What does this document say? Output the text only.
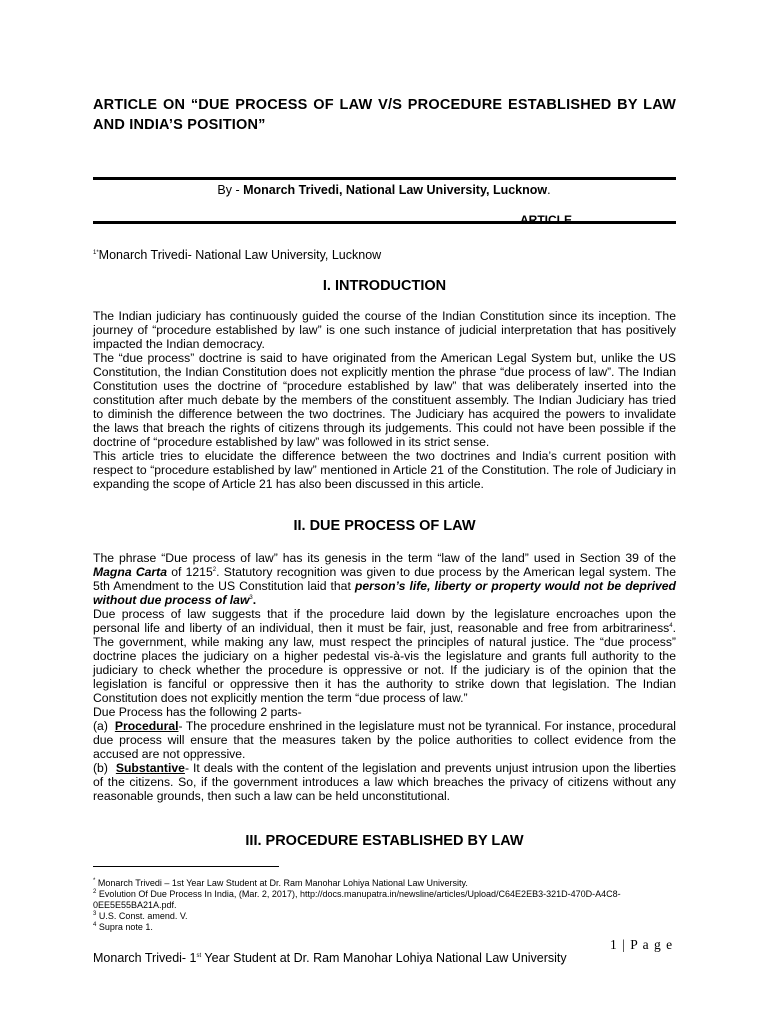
ARTICLE ON “DUE PROCESS OF LAW V/S PROCEDURE ESTABLISHED BY LAW AND INDIA’S POSITION”
By - Monarch Trivedi, National Law University, Lucknow.
ARTICLE
$^{1*}$Monarch Trivedi- National Law University, Lucknow
I. INTRODUCTION

The Indian judiciary has continuously guided the course of the Indian Constitution since its inception. The journey of “procedure established by law” is one such instance of judicial interpretation that has positively impacted the Indian democracy.

The “due process” doctrine is said to have originated from the American Legal System but, unlike the US Constitution, the Indian Constitution does not explicitly mention the phrase “due process of law”. The Indian Constitution uses the doctrine of “procedure established by law” that was deliberately inserted into the constitution after much debate by the members of the constituent assembly. The Indian Judiciary has tried to diminish the difference between the two doctrines. The Judiciary has acquired the powers to invalidate the laws that breach the rights of citizens through its judgements. This could not have been possible if the doctrine of “procedure established by law” was followed in its strict sense.

This article tries to elucidate the difference between the two doctrines and India’s current position with respect to “procedure established by law” mentioned in Article 21 of the Constitution. The role of Judiciary in expanding the scope of Article 21 has also been discussed in this article.

II. DUE PROCESS OF LAW

The phrase “Due process of law” has its genesis in the term “law of the land” used in Section 39 of the Magna Carta of 1215$^2$. Statutory recognition was given to due process by the American legal system. The 5th Amendment to the US Constitution laid that person’s life, liberty or property would not be deprived without due process of law$^3$.

Due process of law suggests that if the procedure laid down by the legislature encroaches upon the personal life and liberty of an individual, then it must be fair, just, reasonable and free from arbitrariness$^4$. The government, while making any law, must respect the principles of natural justice. The “due process” doctrine places the judiciary on a higher pedestal vis-à-vis the legislature and grants full authority to the judiciary to check whether the procedure is oppressive or not. If the judiciary is of the opinion that the legislation is fanciful or oppressive then it has the authority to strike down that legislation. The Indian Constitution does not explicitly mention the term “due process of law.”

Due Process has the following 2 parts-

(a) Procedural- The procedure enshrined in the legislature must not be tyrannical. For instance, procedural due process will ensure that the measures taken by the police authorities to collect evidence from the accused are not oppressive.

(b) Substantive- It deals with the content of the legislation and prevents unjust intrusion upon the liberties of the citizens. So, if the government introduces a law which breaches the privacy of citizens without any reasonable grounds, then such a law can be held unconstitutional.

III. PROCEDURE ESTABLISHED BY LAW

* Monarch Trivedi – 1st Year Law Student at Dr. Ram Manohar Lohiya National Law University.

$^2$ Evolution Of Due Process In India, (Mar. 2, 2017), http://docs.manupatra.in/newsline/articles/Upload/C64E2EB3-321D-470D-A4C8-0EE5E55BA21A.pdf.

$^3$ U.S. Const. amend. V.

$^4$ Supra note 1.

1 | P a g e
Monarch Trivedi- 1st Year Student at Dr. Ram Manohar Lohiya National Law University
